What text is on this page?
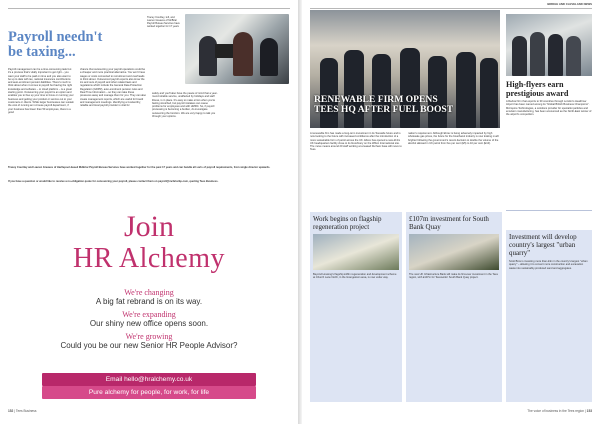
Payroll needn't be taxing...
Tracey Courtley, left, and Lauren Greaves of McBriar Payroll Bureau Services have worked together for 17 years
Payroll management can be a time-consuming task but it's a process that's vitally important to get right – you want your staff to be paid on time and you also want to be up to date with tax, national insurance contributions and auto-enrolment pension liabilities. There's much to think about when it comes to payroll but having the right knowledge and software – or cloud platform – is a great starting point. Outsourcing your payroll is an option and enables you to free up your time to focus on running your business and getting your product or service out to your customers or clients. While larger businesses can sustain the cost of running an in-house payroll department, if your business has fewer than 50 employees, there is a good
chance that outsourcing your payroll operations could be a cheaper and more practical alternative. You won't have wages or costs connected to recruitment and overheads to think about. Outsourced payroll experts also know the ins and outs of payroll and other related laws and regulations which include the General Data Protection Regulation (GDPR), auto-enrolment pension rules and Real Time Information – so they can take these pressures away and manage them for you. They can also create management reports, which are useful for board and management meetings. Identifying a trustworthy, reliable and local payroll provider is vital for
safety and you'll also have the peace of mind that a year-round reliable service, unaffected by holidays and staff illness, is in place. It's easy to make errors when you're feeling stretched, but payroll mistakes can cause problems for employees and with HMRC. So, if payroll processing is becoming a burden, do investigate outsourcing the function. We are very happy to talk you through your options.
Tracey Courtley and Lauren Greaves of Hartlepool-based McBriar Payroll Bureau Services have worked together for the past 17 years and can handle all sorts of payroll requirements, from single director upwards.
If you have a question or would like to receive a no-obligation quote for outsourcing your payroll, please contact them on payroll@mcbriarbp.com, quoting Tees Business.
Join
HR Alchemy
We're changing
A big fat rebrand is on its way.
We're expanding
Our shiny new office opens soon.
We're growing
Could you be our new Senior HR People Advisor?
Email hello@hralchemy.co.uk
Pure alchemy for people, for work, for life
152 | Tees Business
BRIDGE AND CLEVELAND NEWS
RENEWABLE FIRM OPENS TEES HQ AFTER FUEL BOOST
A renewable firm has made a long-term investment in its Teesside future and is now looking to the future with increased confidence after the introduction of a more sustainable form of petrol across the UK. Ebrex has opened a new £13m UK headquarters facility close to its biorefinery on the Wilton International site. The move means around 20 staff working at a leased Durham base will move to Tees.
nation's requirement. Although Ebrex is being adversely impacted by high wholesale gas prices, the future for the bioethanol industry is now looking much brighter following the government's recent decision to double the volume of the alcohol allowed in UK petrol from five per cent (E5) to 10 per cent (E10).
High-flyers earn prestigious award
A Redcar firm that exports to 30 countries through London's Heathrow Airport has been named among its "Global British Business Champions". Micropore Technologies, a solutions provider for specialist particles and emulsion manufacturing, has been announced as the North-East winner of the airport's competition.
Work begins on flagship regeneration project
Beyond Housing's flagship £18m regeneration and development scheme at Church Lane North, in the Grangetown area, is now under way.
£107m investment for South Bank Quay
The new UK Infrastructure Bank will make its first-ever investment in the Tees region, with £107m for Teesworks' South Bank Quay project.
Investment will develop country's largest "urban quarry"
Scott Bros is investing more than £4m in the country's largest "urban quarry" – allowing it to convert more construction and excavation waste into sustainably-produced sand and aggregates.
The voice of business in the Tees region | 153
